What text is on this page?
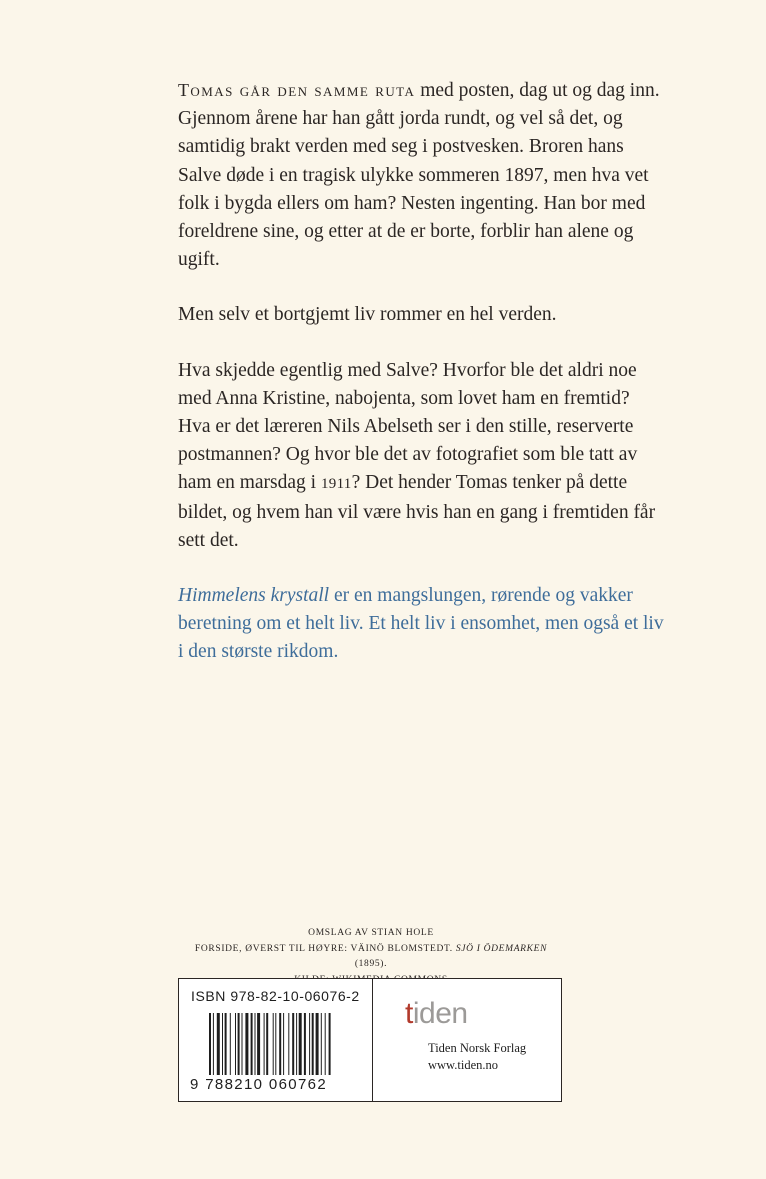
Tomas går den samme ruta med posten, dag ut og dag inn. Gjennom årene har han gått jorda rundt, og vel så det, og samtidig brakt verden med seg i postvesken. Broren hans Salve døde i en tragisk ulykke sommeren 1897, men hva vet folk i bygda ellers om ham? Nesten ingenting. Han bor med foreldrene sine, og etter at de er borte, forblir han alene og ugift.

Men selv et bortgjemt liv rommer en hel verden.

Hva skjedde egentlig med Salve? Hvorfor ble det aldri noe med Anna Kristine, nabojenta, som lovet ham en fremtid? Hva er det læreren Nils Abelseth ser i den stille, reserverte postmannen? Og hvor ble det av fotografiet som ble tatt av ham en marsdag i 1911? Det hender Tomas tenker på dette bildet, og hvem han vil være hvis han en gang i fremtiden får sett det.

Himmelens krystall er en mangslungen, rørende og vakker beretning om et helt liv. Et helt liv i ensomhet, men også et liv i den største rikdom.

OMSLAG AV STIAN HOLE
FORSIDE, ØVERST TIL HØYRE: VÄINÖ BLOMSTEDT. SJÖ I ÖDEMARKEN (1895).
ISBN 978-82-10-06076-2
9 788210 060762
tiden
Tiden Norsk Forlag
www.tiden.no
